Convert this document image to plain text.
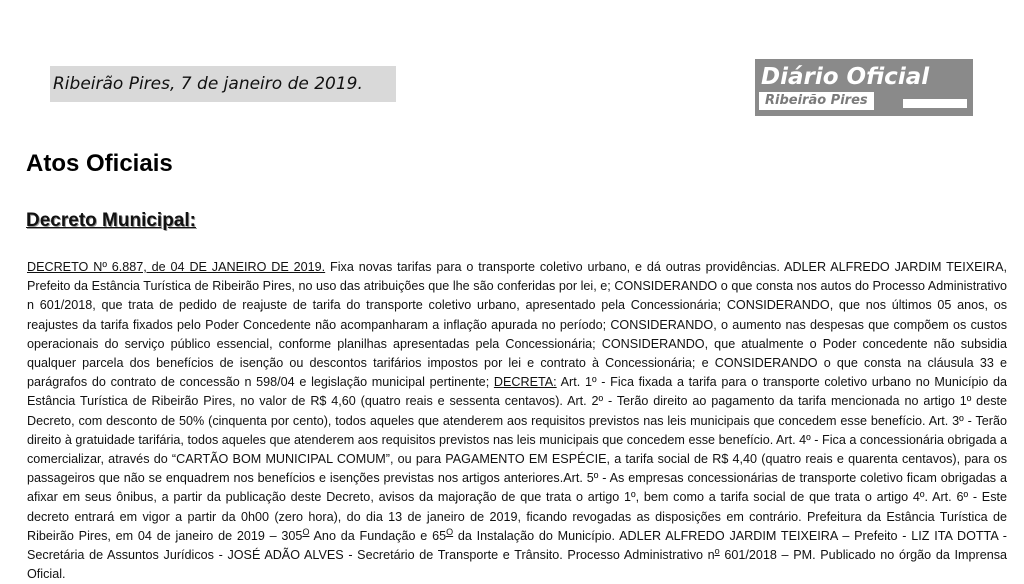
Ribeirão Pires, 7 de janeiro de 2019.	Diário Oficial
Ribeirão Pires
Atos Oficiais
Decreto Municipal:

DECRETO Nº 6.887, de 04 DE JANEIRO DE 2019. Fixa novas tarifas para o transporte coletivo urbano, e dá outras providências. ADLER ALFREDO JARDIM TEIXEIRA, Prefeito da Estância Turística de Ribeirão Pires, no uso das atribuições que lhe são conferidas por lei, e; CONSIDERANDO o que consta nos autos do Processo Administrativo n 601/2018, que trata de pedido de reajuste de tarifa do transporte coletivo urbano, apresentado pela Concessionária; CONSIDERANDO, que nos últimos 05 anos, os reajustes da tarifa fixados pelo Poder Concedente não acompanharam a inflação apurada no período; CONSIDERANDO, o aumento nas despesas que compõem os custos operacionais do serviço público essencial, conforme planilhas apresentadas pela Concessionária; CONSIDERANDO, que atualmente o Poder concedente não subsidia qualquer parcela dos benefícios de isenção ou descontos tarifários impostos por lei e contrato à Concessionária; e CONSIDERANDO o que consta na cláusula 33 e parágrafos do contrato de concessão n 598/04 e legislação municipal pertinente; DECRETA: Art. 1º - Fica fixada a tarifa para o transporte coletivo urbano no Município da Estância Turística de Ribeirão Pires, no valor de R$ 4,60 (quatro reais e sessenta centavos). Art. 2º - Terão direito ao pagamento da tarifa mencionada no artigo 1º deste Decreto, com desconto de 50% (cinquenta por cento), todos aqueles que atenderem aos requisitos previstos nas leis municipais que concedem esse benefício. Art. 3º - Terão direito à gratuidade tarifária, todos aqueles que atenderem aos requisitos previstos nas leis municipais que concedem esse benefício. Art. 4º - Fica a concessionária obrigada a comercializar, através do “CARTÃO BOM MUNICIPAL COMUM”, ou para PAGAMENTO EM ESPÉCIE, a tarifa social de R$ 4,40 (quatro reais e quarenta centavos), para os passageiros que não se enquadrem nos benefícios e isenções previstas nos artigos anteriores.Art. 5º - As empresas concessionárias de transporte coletivo ficam obrigadas a afixar em seus ônibus, a partir da publicação deste Decreto, avisos da majoração de que trata o artigo 1º, bem como a tarifa social de que trata o artigo 4º. Art. 6º - Este decreto entrará em vigor a partir da 0h00 (zero hora), do dia 13 de janeiro de 2019, ficando revogadas as disposições em contrário. Prefeitura da Estância Turística de Ribeirão Pires, em 04 de janeiro de $2019 - 305^O$ Ano da Fundação e $65^O$ da Instalação do Município. ADLER ALFREDO JARDIM TEIXEIRA – Prefeito - LIZ ITA DOTTA - Secretária de Assuntos Jurídicos - JOSÉ ADÃO ALVES - Secretário de Transporte e Trânsito. Processo Administrativo $n^o$ 601/2018 – PM. Publicado no órgão da Imprensa Oficial.
